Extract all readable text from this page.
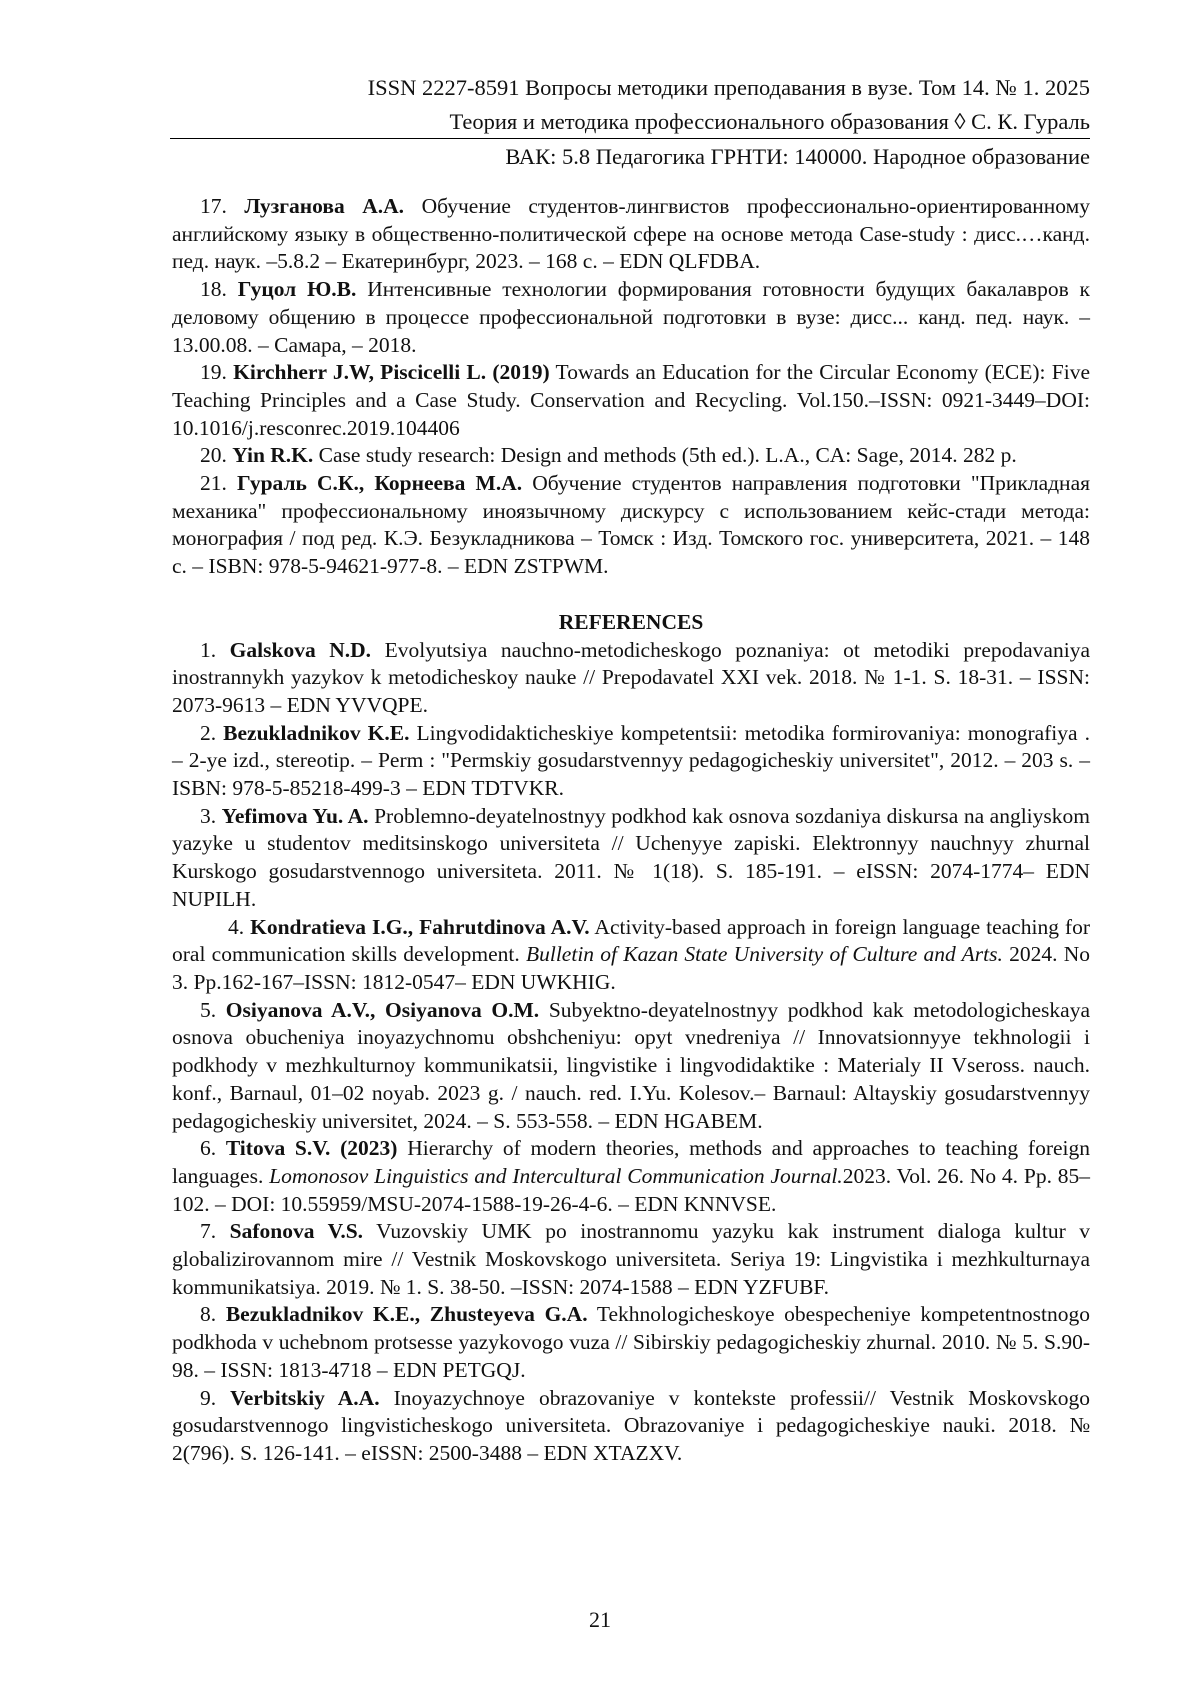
ISSN 2227-8591 Вопросы методики преподавания в вузе. Том 14. № 1. 2025
Теория и методика профессионального образования ◊ С. К. Гураль
ВАК: 5.8 Педагогика ГРНТИ: 140000. Народное образование

17. Лузганова А.А. Обучение студентов-лингвистов профессионально-ориентированному английскому языку в общественно-политической сфере на основе метода Case-study : дисс.…канд. пед. наук. –5.8.2 – Екатеринбург, 2023. – 168 с. – EDN QLFDBA.

18. Гуцол Ю.В. Интенсивные технологии формирования готовности будущих бакалавров к деловому общению в процессе профессиональной подготовки в вузе: дисс... канд. пед. наук. –13.00.08. – Самара, – 2018.

19. Kirchherr J.W, Piscicelli L. (2019) Towards an Education for the Circular Economy (ECE): Five Teaching Principles and a Case Study. Conservation and Recycling. Vol.150.–ISSN: 0921-3449–DOI: 10.1016/j.resconrec.2019.104406

20. Yin R.K. Case study research: Design and methods (5th ed.). L.A., CA: Sage, 2014. 282 p.

21. Гураль С.К., Корнеева М.А. Обучение студентов направления подготовки "Прикладная механика" профессиональному иноязычному дискурсу с использованием кейс-стади метода: монография / под ред. К.Э. Безукладникова – Томск : Изд. Томского гос. университета, 2021. – 148 с. – ISBN: 978-5-94621-977-8. – EDN ZSTPWM.

REFERENCES

1. Galskova N.D. Evolyutsiya nauchno-metodicheskogo poznaniya: ot metodiki prepodavaniya inostrannykh yazykov k metodicheskoy nauke // Prepodavatel XXI vek. 2018. № 1-1. S. 18-31. – ISSN: 2073-9613 – EDN YVVQPE.

2. Bezukladnikov K.E. Lingvodidakticheskiye kompetentsii: metodika formirovaniya: monografiya . – 2-ye izd., stereotip. – Perm : "Permskiy gosudarstvennyy pedagogicheskiy universitet", 2012. – 203 s. – ISBN: 978-5-85218-499-3 – EDN TDTVKR.

3. Yefimova Yu. A. Problemno-deyatelnostnyy podkhod kak osnova sozdaniya diskursa na angliyskom yazyke u studentov meditsinskogo universiteta // Uchenyye zapiski. Elektronnyy nauchnyy zhurnal Kurskogo gosudarstvennogo universiteta. 2011. № 1(18). S. 185-191. – eISSN: 2074-1774– EDN NUPILH.

4. Kondratieva I.G., Fahrutdinova A.V. Activity-based approach in foreign language teaching for oral communication skills development. Bulletin of Kazan State University of Culture and Arts. 2024. No 3. Pp.162-167–ISSN: 1812-0547– EDN UWKHIG.

5. Osiyanova A.V., Osiyanova O.M. Subyektno-deyatelnostnyy podkhod kak metodologicheskaya osnova obucheniya inoyazychnomu obshcheniyu: opyt vnedreniya // Innovatsionnyye tekhnologii i podkhody v mezhkulturnoy kommunikatsii, lingvistike i lingvodidaktike : Materialy II Vseross. nauch. konf., Barnaul, 01–02 noyab. 2023 g. / nauch. red. I.Yu. Kolesov.– Barnaul: Altayskiy gosudarstvennyy pedagogicheskiy universitet, 2024. – S. 553-558. – EDN HGABEM.

6. Titova S.V. (2023) Hierarchy of modern theories, methods and approaches to teaching foreign languages. Lomonosov Linguistics and Intercultural Communication Journal.2023. Vol. 26. No 4. Pp. 85–102. – DOI: 10.55959/MSU-2074-1588-19-26-4-6. – EDN KNNVSE.

7. Safonova V.S. Vuzovskiy UMK po inostrannomu yazyku kak instrument dialoga kultur v globalizirovannom mire // Vestnik Moskovskogo universiteta. Seriya 19: Lingvistika i mezhkulturnaya kommunikatsiya. 2019. № 1. S. 38-50. –ISSN: 2074-1588 – EDN YZFUBF.

8. Bezukladnikov K.E., Zhusteyeva G.A. Tekhnologicheskoye obespecheniye kompetentnostnogo podkhoda v uchebnom protsesse yazykovogo vuza // Sibirskiy pedagogicheskiy zhurnal. 2010. № 5. S.90-98. – ISSN: 1813-4718 – EDN PETGQJ.

9. Verbitskiy A.A. Inoyazychnoye obrazovaniye v kontekste professii// Vestnik Moskovskogo gosudarstvennogo lingvisticheskogo universiteta. Obrazovaniye i pedagogicheskiye nauki. 2018. № 2(796). S. 126-141. – eISSN: 2500-3488 – EDN XTAZXV.

21
